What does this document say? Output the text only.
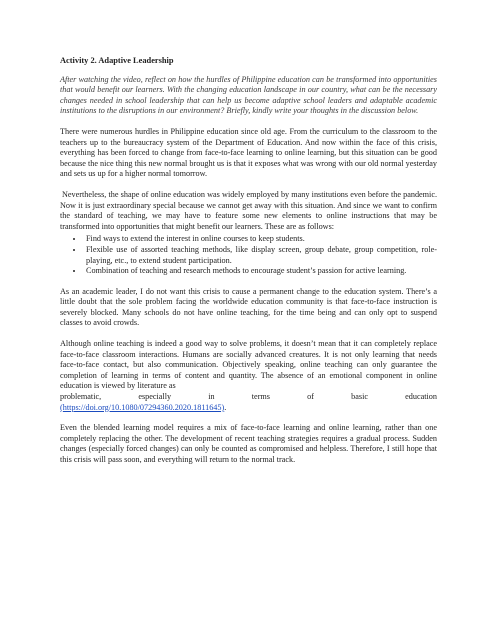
Activity 2. Adaptive Leadership
After watching the video, reflect on how the hurdles of Philippine education can be transformed into opportunities that would benefit our learners. With the changing education landscape in our country, what can be the necessary changes needed in school leadership that can help us become adaptive school leaders and adaptable academic institutions to the disruptions in our environment? Briefly, kindly write your thoughts in the discussion below.

There were numerous hurdles in Philippine education since old age. From the curriculum to the classroom to the teachers up to the bureaucracy system of the Department of Education. And now within the face of this crisis, everything has been forced to change from face-to-face learning to online learning, but this situation can be good because the nice thing this new normal brought us is that it exposes what was wrong with our old normal yesterday and sets us up for a higher normal tomorrow.

Nevertheless, the shape of online education was widely employed by many institutions even before the pandemic. Now it is just extraordinary special because we cannot get away with this situation. And since we want to confirm the standard of teaching, we may have to feature some new elements to online instructions that may be transformed into opportunities that might benefit our learners. These are as follows:

• Find ways to extend the interest in online courses to keep students.
• Flexible use of assorted teaching methods, like display screen, group debate, group competition, role-playing, etc., to extend student participation.
• Combination of teaching and research methods to encourage student’s passion for active learning.

As an academic leader, I do not want this crisis to cause a permanent change to the education system. There’s a little doubt that the sole problem facing the worldwide education community is that face-to-face instruction is severely blocked. Many schools do not have online teaching, for the time being and can only opt to suspend classes to avoid crowds.

Although online teaching is indeed a good way to solve problems, it doesn’t mean that it can completely replace face-to-face classroom interactions. Humans are socially advanced creatures. It is not only learning that needs face-to-face contact, but also communication. Objectively speaking, online teaching can only guarantee the completion of learning in terms of content and quantity. The absence of an emotional component in online education is viewed by literature as
problematic,	especially	in	terms	of	basic	education
(https://doi.org/10.1080/07294360.2020.1811645).

Even the blended learning model requires a mix of face-to-face learning and online learning, rather than one completely replacing the other. The development of recent teaching strategies requires a gradual process. Sudden changes (especially forced changes) can only be counted as compromised and helpless. Therefore, I still hope that this crisis will pass soon, and everything will return to the normal track.
